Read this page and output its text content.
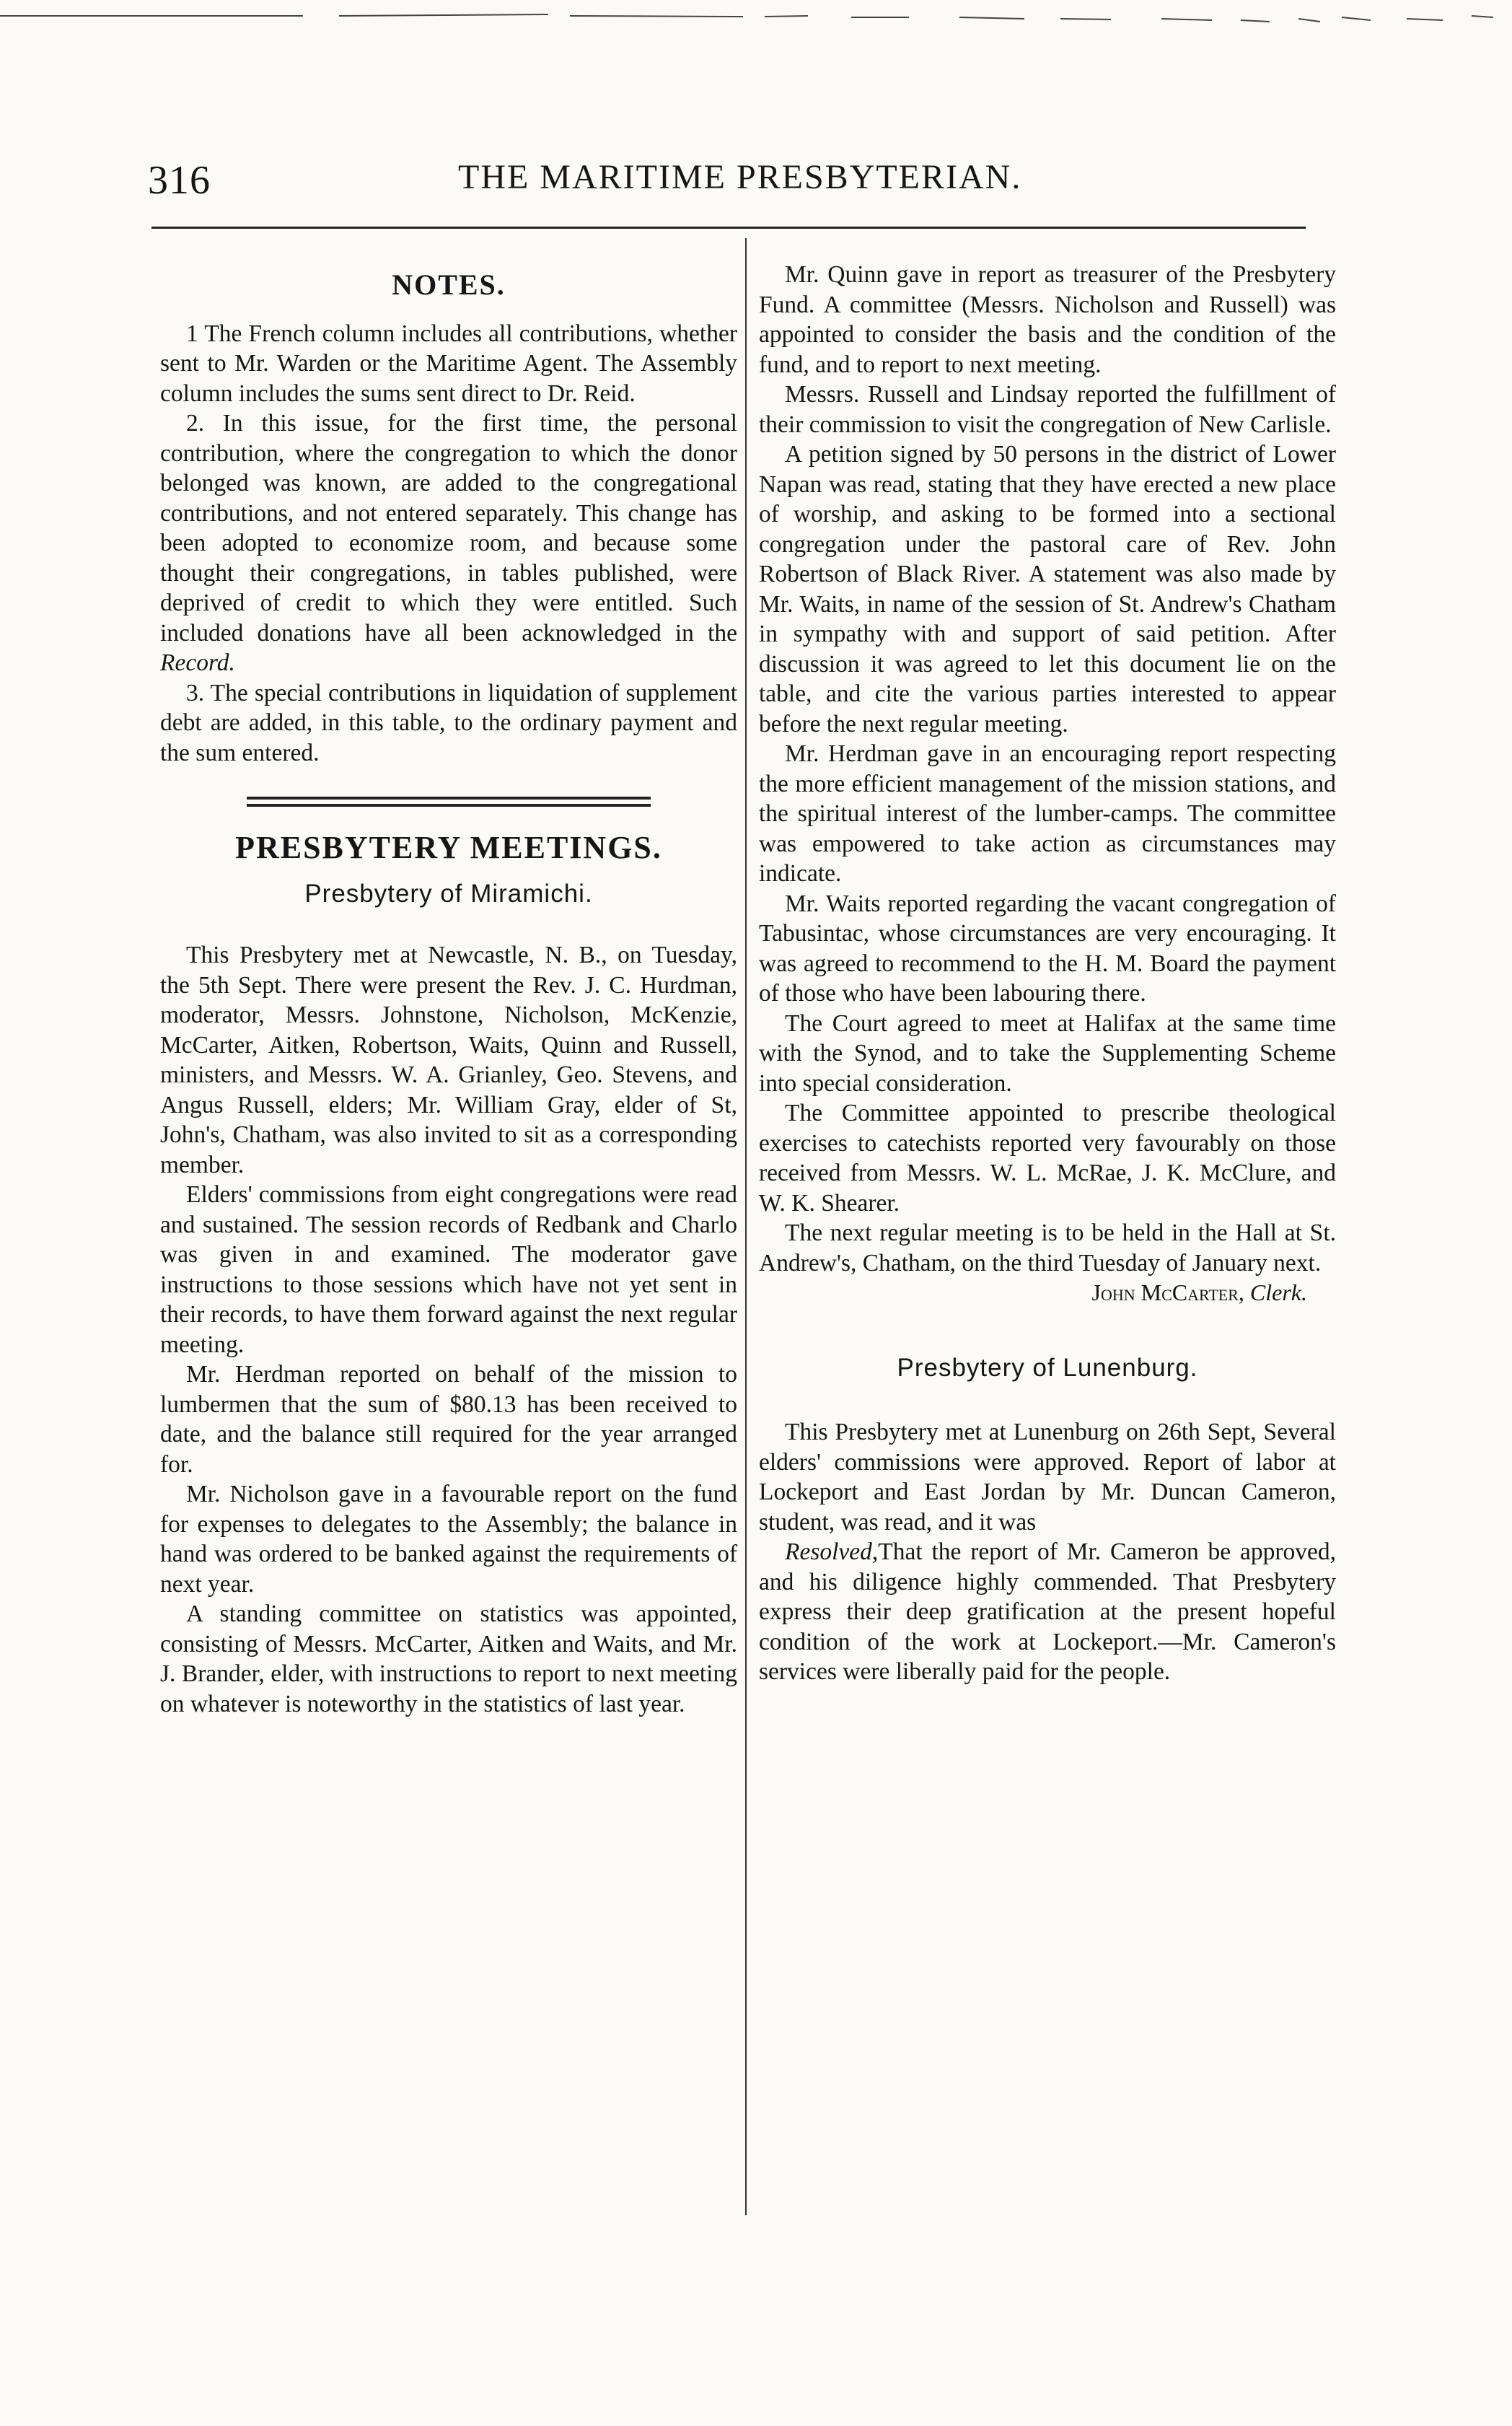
316	THE MARITIME PRESBYTERIAN.
NOTES.

1 The French column includes all contributions, whether sent to Mr. Warden or the Maritime Agent. The Assembly column includes the sums sent direct to Dr. Reid.

2. In this issue, for the first time, the personal contribution, where the congregation to which the donor belonged was known, are added to the congregational contributions, and not entered separately. This change has been adopted to economize room, and because some thought their congregations, in tables published, were deprived of credit to which they were entitled. Such included donations have all been acknowledged in the Record.

3. The special contributions in liquidation of supplement debt are added, in this table, to the ordinary payment and the sum entered.

PRESBYTERY MEETINGS.
Presbytery of Miramichi.

This Presbytery met at Newcastle, N. B., on Tuesday, the 5th Sept. There were present the Rev. J. C. Hurdman, moderator, Messrs. Johnstone, Nicholson, McKenzie, McCarter, Aitken, Robertson, Waits, Quinn and Russell, ministers, and Messrs. W. A. Grianley, Geo. Stevens, and Angus Russell, elders; Mr. William Gray, elder of St, John's, Chatham, was also invited to sit as a corresponding member.

Elders' commissions from eight congregations were read and sustained. The session records of Redbank and Charlo was given in and examined. The moderator gave instructions to those sessions which have not yet sent in their records, to have them forward against the next regular meeting.

Mr. Herdman reported on behalf of the mission to lumbermen that the sum of $80.13 has been received to date, and the balance still required for the year arranged for.

Mr. Nicholson gave in a favourable report on the fund for expenses to delegates to the Assembly; the balance in hand was ordered to be banked against the requirements of next year.

A standing committee on statistics was appointed, consisting of Messrs. McCarter, Aitken and Waits, and Mr. J. Brander, elder, with instructions to report to next meeting on whatever is noteworthy in the statistics of last year.

Mr. Quinn gave in report as treasurer of the Presbytery Fund. A committee (Messrs. Nicholson and Russell) was appointed to consider the basis and the condition of the fund, and to report to next meeting.

Messrs. Russell and Lindsay reported the fulfillment of their commission to visit the congregation of New Carlisle.

A petition signed by 50 persons in the district of Lower Napan was read, stating that they have erected a new place of worship, and asking to be formed into a sectional congregation under the pastoral care of Rev. John Robertson of Black River. A statement was also made by Mr. Waits, in name of the session of St. Andrew's Chatham in sympathy with and support of said petition. After discussion it was agreed to let this document lie on the table, and cite the various parties interested to appear before the next regular meeting.

Mr. Herdman gave in an encouraging report respecting the more efficient management of the mission stations, and the spiritual interest of the lumber-camps. The committee was empowered to take action as circumstances may indicate.

Mr. Waits reported regarding the vacant congregation of Tabusintac, whose circumstances are very encouraging. It was agreed to recommend to the H. M. Board the payment of those who have been labouring there.

The Court agreed to meet at Halifax at the same time with the Synod, and to take the Supplementing Scheme into special consideration.

The Committee appointed to prescribe theological exercises to catechists reported very favourably on those received from Messrs. W. L. McRae, J. K. McClure, and W. K. Shearer.

The next regular meeting is to be held in the Hall at St. Andrew's, Chatham, on the third Tuesday of January next.

John McCarter, Clerk.
Presbytery of Lunenburg.

This Presbytery met at Lunenburg on 26th Sept, Several elders' commissions were approved. Report of labor at Lockeport and East Jordan by Mr. Duncan Cameron, student, was read, and it was

Resolved,That the report of Mr. Cameron be approved, and his diligence highly commended. That Presbytery express their deep gratification at the present hopeful condition of the work at Lockeport.—Mr. Cameron's services were liberally paid for the people.
